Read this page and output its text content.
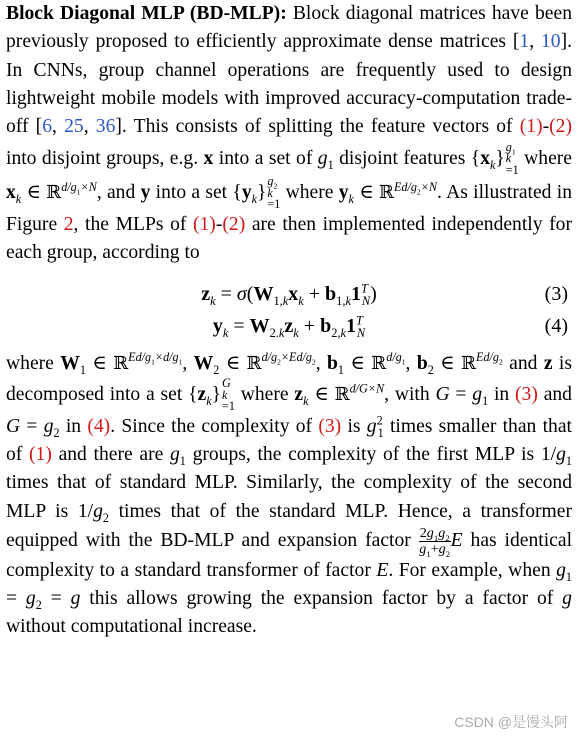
Block Diagonal MLP (BD-MLP): Block diagonal matrices have been previously proposed to efficiently approximate dense matrices [1, 10]. In CNNs, group channel operations are frequently used to design lightweight mobile models with improved accuracy-computation trade-off [6, 25, 36]. This consists of splitting the feature vectors of (1)-(2) into disjoint groups, e.g. x into a set of $g_1$ disjoint features $\{x_k\}$
$g_1$
k
=1
where $x_k$ ∈ ℝ$^{d/g_1\times N}$, and y into a set $\{y_k\}$
$g_2$
k
=1
where $y_k$ ∈ ℝ$^{Ed/g_2\times N}$. As illustrated in Figure 2, the MLPs of (1)-(2) are then implemented independently for each group, according to

$z_k = \sigma(W_{1,k}x_k + b_{1,k}1^T_N)$	(3)
$y_k = W_{2.k}z_k + b_{2,k}1^T_N$	(4)

where $W_1$ ∈ ℝ$^{Ed/g_1\times d/g_1}$, $W_2$ ∈ ℝ$^{d/g_2\times Ed/g_2}$, $b_1$ ∈ ℝ$^{d/g_1}$, $b_2$ ∈ ℝ$^{Ed/g_2}$ and z is decomposed into a set $\{z_k\}$
G
k
=1
where $z_k$ ∈ ℝ$^{d/G\times N}$, with $G = g_1$ in (3) and $G = g_2$ in (4). Since the complexity of (3) is $g^2_1$ times smaller than that of (1) and there are $g_1$ groups, the complexity of the first MLP is $1/g_1$ times that of standard MLP. Similarly, the complexity of the second MLP is $1/g_2$ times that of the standard MLP. Hence, a transformer equipped with the BD-MLP and expansion factor $\frac{2g_1g_2}{g_1+g_2}$ E has identical complexity to a standard transformer of factor E. For example, when $g_1 = g_2 = g$ this allows growing the expansion factor by a factor of g without computational increase.

CSDN @是馒头阿
